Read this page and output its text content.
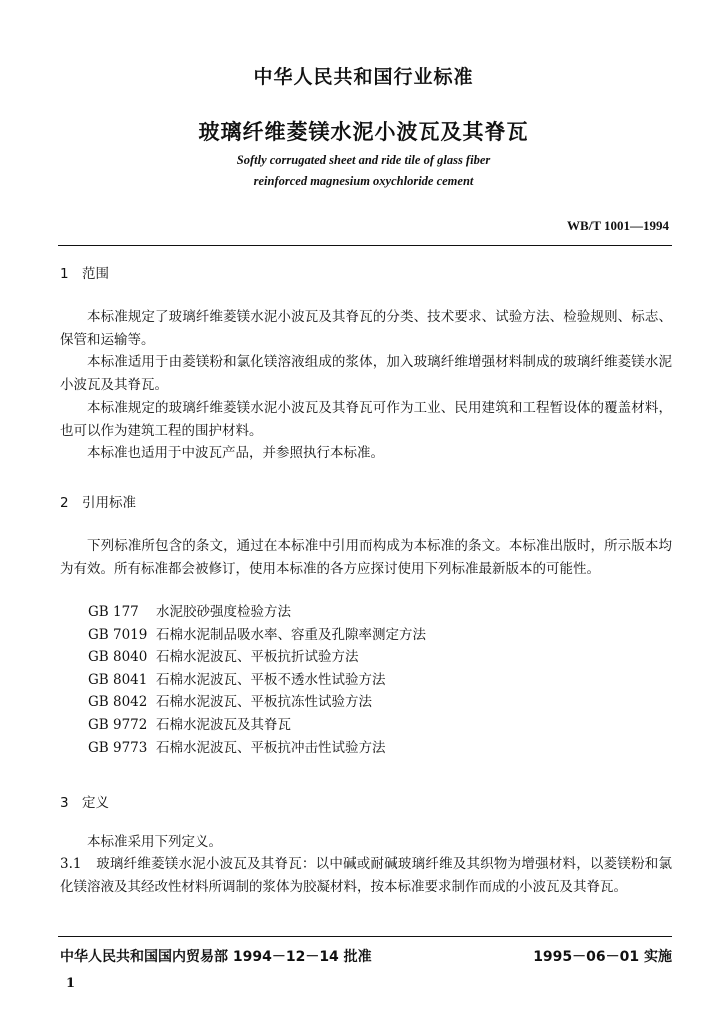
中华人民共和国行业标准
玻璃纤维菱镁水泥小波瓦及其脊瓦
Softly corrugated sheet and ride tile of glass fiber
reinforced magnesium oxychloride cement
WB/T 1001—1994
1 范围
本标准规定了玻璃纤维菱镁水泥小波瓦及其脊瓦的分类、技术要求、试验方法、检验规则、标志、保管和运输等。
本标准适用于由菱镁粉和氯化镁溶液组成的浆体，加入玻璃纤维增强材料制成的玻璃纤维菱镁水泥小波瓦及其脊瓦。
本标准规定的玻璃纤维菱镁水泥小波瓦及其脊瓦可作为工业、民用建筑和工程暂设体的覆盖材料，也可以作为建筑工程的围护材料。
本标准也适用于中波瓦产品，并参照执行本标准。
2 引用标准
下列标准所包含的条文，通过在本标准中引用而构成为本标准的条文。本标准出版时，所示版本均为有效。所有标准都会被修订，使用本标准的各方应探讨使用下列标准最新版本的可能性。
GB 177 水泥胶砂强度检验方法
GB 7019 石棉水泥制品吸水率、容重及孔隙率测定方法
GB 8040 石棉水泥波瓦、平板抗折试验方法
GB 8041 石棉水泥波瓦、平板不透水性试验方法
GB 8042 石棉水泥波瓦、平板抗冻性试验方法
GB 9772 石棉水泥波瓦及其脊瓦
GB 9773 石棉水泥波瓦、平板抗冲击性试验方法
3 定义
本标准采用下列定义。
3.1 玻璃纤维菱镁水泥小波瓦及其脊瓦：以中碱或耐碱玻璃纤维及其织物为增强材料，以菱镁粉和氯化镁溶液及其经改性材料所调制的浆体为胶凝材料，按本标准要求制作而成的小波瓦及其脊瓦。
中华人民共和国国内贸易部 1994－12－14 批准	1995－06－01 实施
1
